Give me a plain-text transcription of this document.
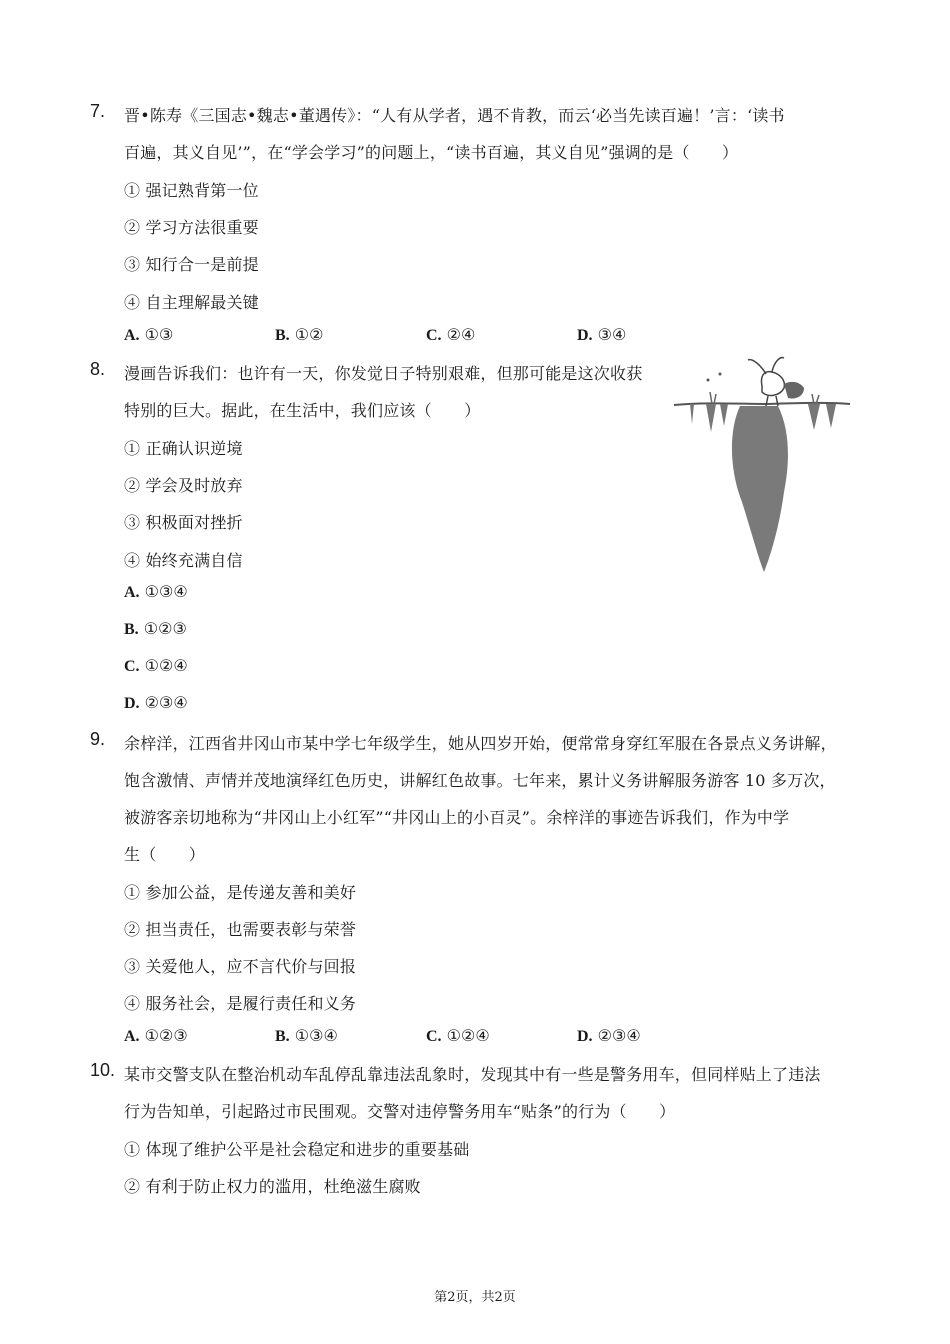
7. 晋•陈寿《三国志•魏志•董遇传》：“人有从学者，遇不肯教，而云‘必当先读百遍！’言：‘读书
百遍，其义自见’”，在“学会学习”的问题上，“读书百遍，其义自见”强调的是（　　）
① 强记熟背第一位
② 学习方法很重要
③ 知行合一是前提
④ 自主理解最关键
A. ①③	B. ①②	C. ②④	D. ③④
8. 漫画告诉我们：也许有一天，你发觉日子特别艰难，但那可能是这次收获
特别的巨大。据此，在生活中，我们应该（　　）
① 正确认识逆境
② 学会及时放弃
③ 积极面对挫折
④ 始终充满自信
A. ①③④
B. ①②③
C. ①②④
D. ②③④
9. 余梓洋，江西省井冈山市某中学七年级学生，她从四岁开始，便常常身穿红军服在各景点义务讲解，
饱含激情、声情并茂地演绎红色历史，讲解红色故事。七年来，累计义务讲解服务游客 10 多万次，
被游客亲切地称为“井冈山上小红军”“井冈山上的小百灵”。余梓洋的事迹告诉我们，作为中学
生（　　）
① 参加公益，是传递友善和美好
② 担当责任，也需要表彰与荣誉
③ 关爱他人，应不言代价与回报
④ 服务社会，是履行责任和义务
A. ①②③	B. ①③④	C. ①②④	D. ②③④
10. 某市交警支队在整治机动车乱停乱靠违法乱象时，发现其中有一些是警务用车，但同样贴上了违法
行为告知单，引起路过市民围观。交警对违停警务用车“贴条”的行为（　　）
① 体现了维护公平是社会稳定和进步的重要基础
② 有利于防止权力的滥用，杜绝滋生腐败
第2页，共2页
